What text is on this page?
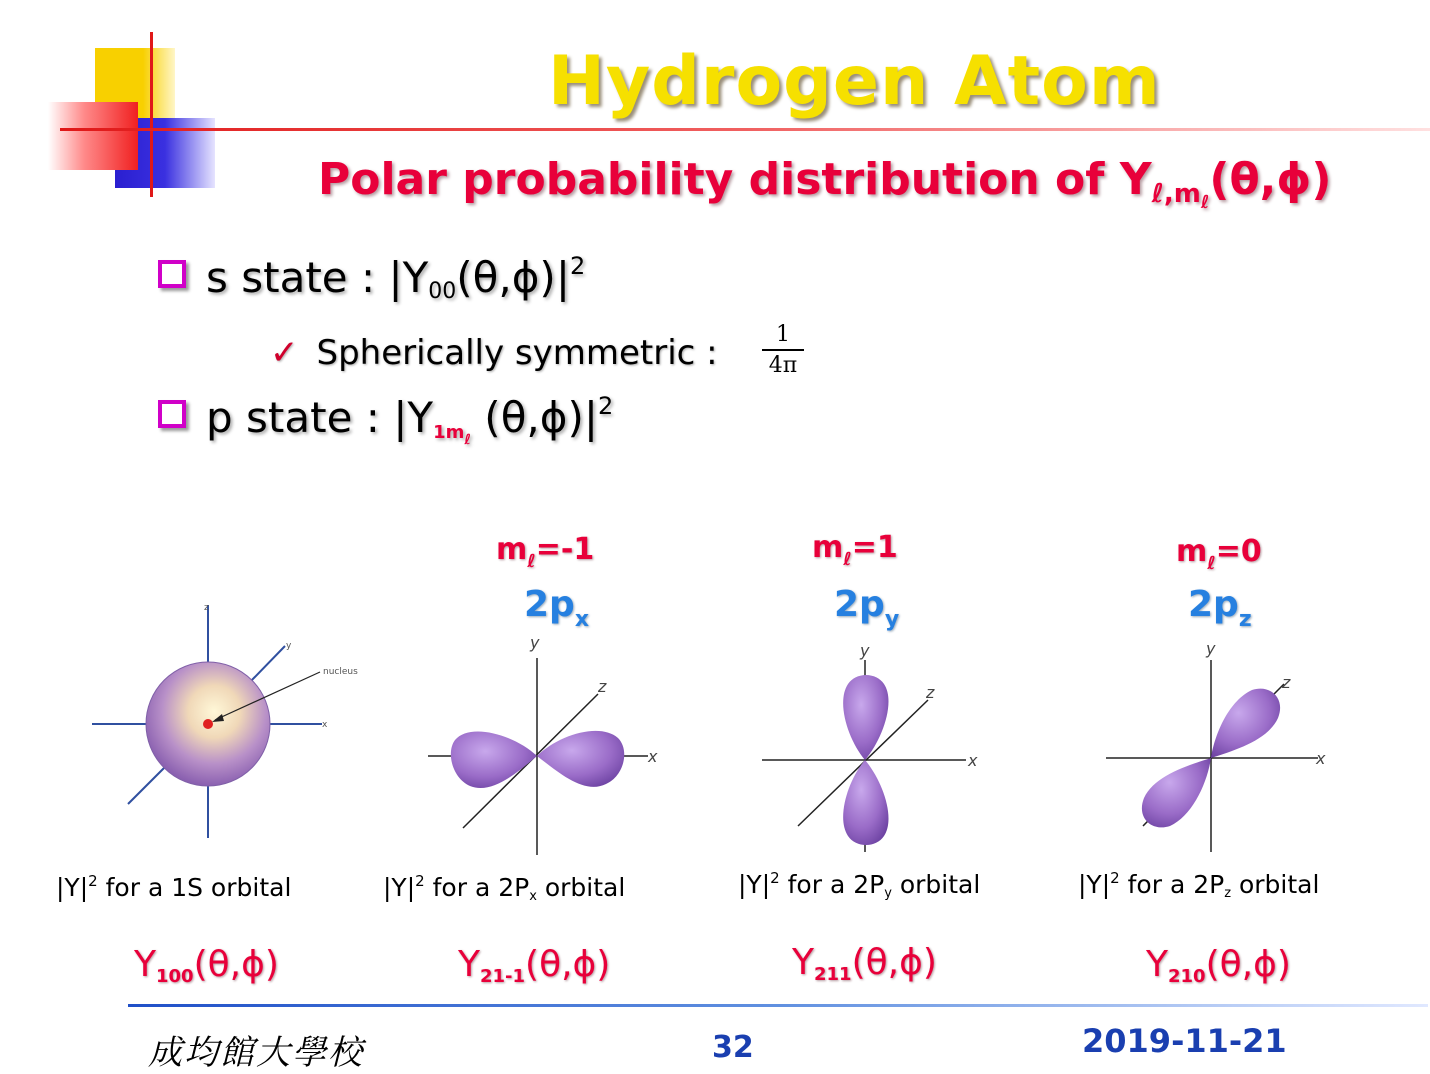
Hydrogen Atom
Polar probability distribution of $Y_{\ell,m_\ell}(\theta,\phi)$
s state : $|Y_{00}(\theta,\phi)|^2$
✓ Spherically symmetric : $\frac{1}{4\pi}$
p state : $|Y_{1m_\ell}$ $(\theta,\phi)|^2$
$m_\ell=-1$	$m_\ell=1$	$m_\ell=0$
$2p_x$	$2p_y$	$2p_z$
nucleus
z
y
x
y
z
x
y
z
x
y
z
x
$|Y|^2$ for a 1S orbital	$|Y|^2$ for a $2P_x$ orbital	$|Y|^2$ for a $2P_y$ orbital	$|Y|^2$ for a $2P_z$ orbital
$Y_{100}(\theta,\phi)$	$Y_{21-1}(\theta,\phi)$	$Y_{211}(\theta,\phi)$	$Y_{210}(\theta,\phi)$
成均館大學校	32	2019-11-21
